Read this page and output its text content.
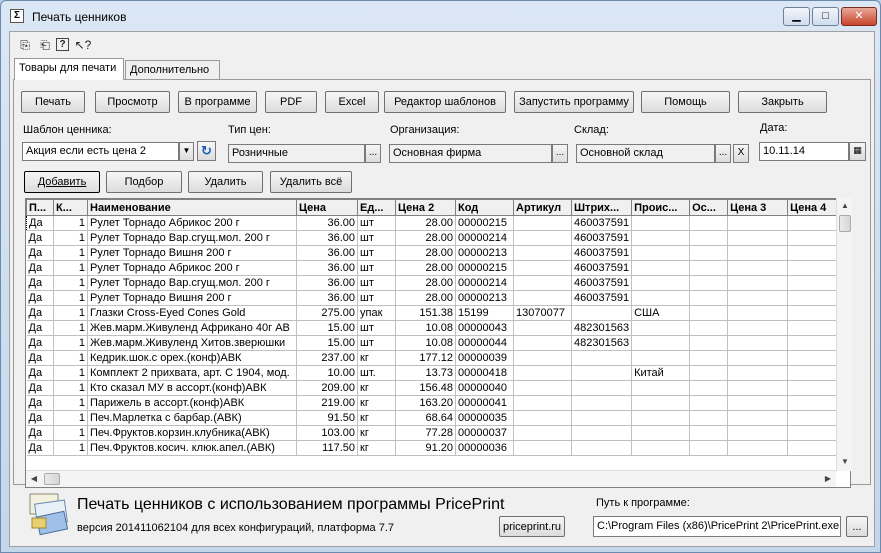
Σ	Печать ценников	▁	□	✕
⎘ ⎗ ? ↖?
Товары для печати	Дополнительно
Печать	Просмотр	В программе	PDF	Excel	Редактор шаблонов	Запустить программу	Помощь	Закрыть
Шаблон ценника:
Акция если есть цена 2	▼ ↻
Тип цен:
Розничные	...
Организация:
Основная фирма	...
Склад:
Основной склад	...	X
Дата:
10.11.14	▦
Добавить	Подбор	Удалить	Удалить всё
П...	К...	Наименование	Цена	Ед...	Цена 2	Код	Артикул	Штрих...	Проис...	Ос...	Цена 3	Цена 4
Да	1	Рулет Торнадо Абрикос 200 г	36.00	шт	28.00	00000215		460037591				
Да	1	Рулет Торнадо Вар.сгущ.мол. 200 г	36.00	шт	28.00	00000214		460037591				
Да	1	Рулет Торнадо Вишня 200 г	36.00	шт	28.00	00000213		460037591				
Да	1	Рулет Торнадо Абрикос 200 г	36.00	шт	28.00	00000215		460037591				
Да	1	Рулет Торнадо Вар.сгущ.мол. 200 г	36.00	шт	28.00	00000214		460037591				
Да	1	Рулет Торнадо Вишня 200 г	36.00	шт	28.00	00000213		460037591				
Да	1	Глазки Cross-Eyed Cones Gold	275.00	упак	151.38	15199	13070077		США			
Да	1	Жев.марм.Живуленд Африкано 40г АВ	15.00	шт	10.08	00000043		482301563				
Да	1	Жев.марм.Живуленд Хитов.зверюшки	15.00	шт	10.08	00000044		482301563				
Да	1	Кедрик.шок.с орех.(конф)АВК	237.00	кг	177.12	00000039						
Да	1	Комплект 2 прихвата, арт. С 1904, мод.	10.00	шт.	13.73	00000418			Китай			
Да	1	Кто сказал МУ в ассорт.(конф)АВК	209.00	кг	156.48	00000040						
Да	1	Парижель в ассорт.(конф)АВК	219.00	кг	163.20	00000041						
Да	1	Печ.Марлетка с барбар.(АВК)	91.50	кг	68.64	00000035						
Да	1	Печ.Фруктов.корзин.клубника(АВК)	103.00	кг	77.28	00000037						
Да	1	Печ.Фруктов.косич. клюк.апел.(АВК)	117.50	кг	91.20	00000036						
▲
▼
◀	▶
Печать ценников с использованием программы PricePrint
версия 201411062104 для всех конфигураций, платформа 7.7	priceprint.ru
Путь к программе:
C:\Program Files (x86)\PricePrint 2\PricePrint.exe	...
